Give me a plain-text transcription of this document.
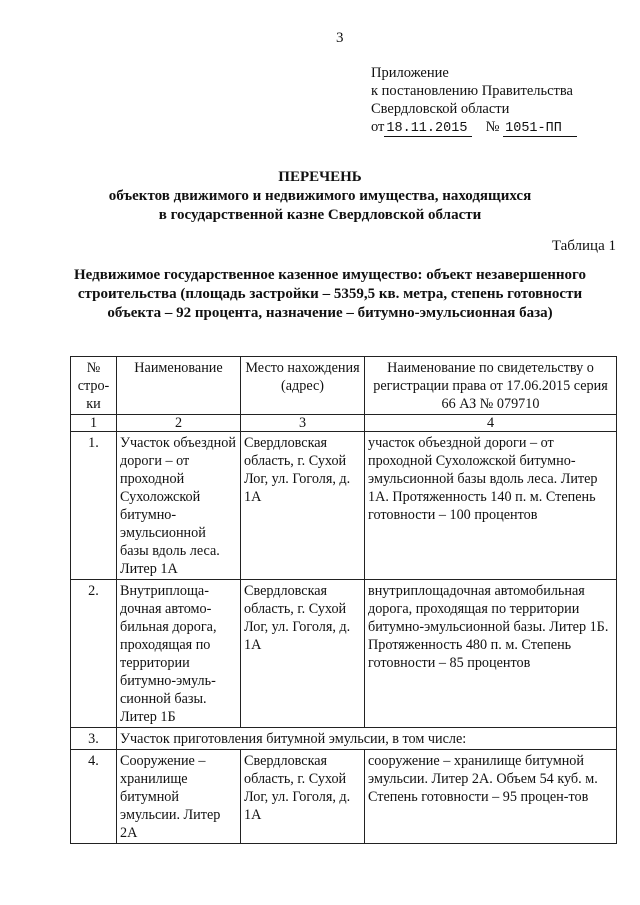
3
Приложение
к постановлению Правительства
Свердловской области
от 18.11.2015 № 1051-ПП
ПЕРЕЧЕНЬ
объектов движимого и недвижимого имущества, находящихся
в государственной казне Свердловской области
Таблица 1
Недвижимое государственное казенное имущество: объект незавершенного
строительства (площадь застройки – 5359,5 кв. метра, степень готовности
объекта – 92 процента, назначение – битумно-эмульсионная база)
№ стро-ки	Наименование	Место нахождения (адрес)	Наименование по свидетельству о регистрации права от 17.06.2015 серия 66 АЗ № 079710
1	2	3	4
1.	Участок объездной дороги – от проходной Сухоложской битумно-эмульсионной базы вдоль леса. Литер 1А	Свердловская область, г. Сухой Лог, ул. Гоголя, д. 1А	участок объездной дороги – от проходной Сухоложской битумно-эмульсионной базы вдоль леса. Литер 1А. Протяженность 140 п. м. Степень готовности – 100 процентов
2.	Внутриплоща-дочная автомо-бильная дорога, проходящая по территории битумно-эмуль-сионной базы. Литер 1Б	Свердловская область, г. Сухой Лог, ул. Гоголя, д. 1А	внутриплощадочная автомобильная дорога, проходящая по территории битумно-эмульсионной базы. Литер 1Б. Протяженность 480 п. м. Степень готовности – 85 процентов
3.	Участок приготовления битумной эмульсии, в том числе:		
4.	Сооружение – хранилище битумной эмульсии. Литер 2А	Свердловская область, г. Сухой Лог, ул. Гоголя, д. 1А	сооружение – хранилище битумной эмульсии. Литер 2А. Объем 54 куб. м. Степень готовности – 95 процен-тов
